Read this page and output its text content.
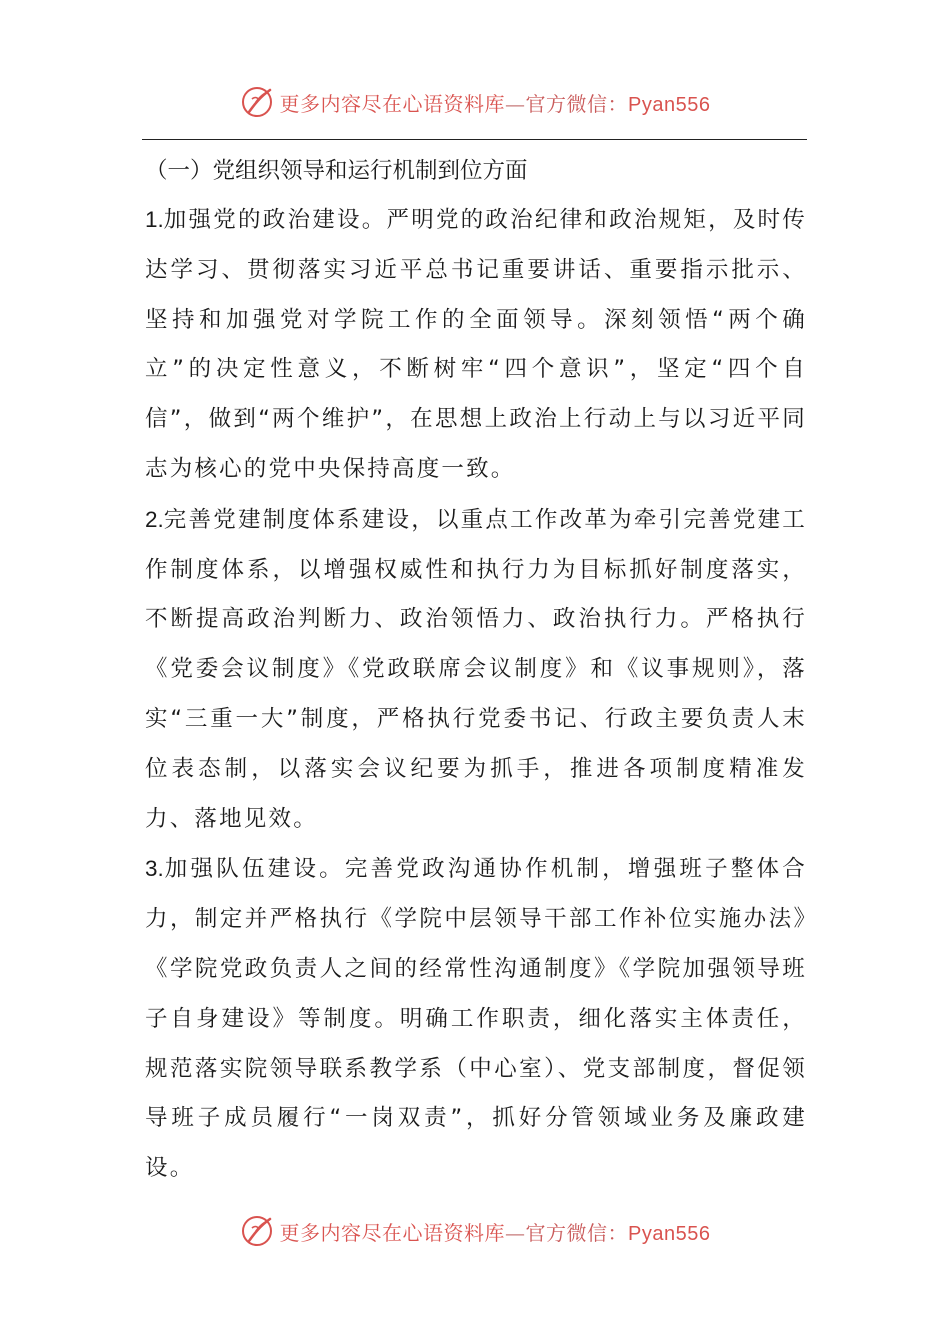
更多内容尽在心语资料库—官方微信：Pyan556
（一）党组织领导和运行机制到位方面

1.加强党的政治建设。严明党的政治纪律和政治规矩，及时传达学习、贯彻落实习近平总书记重要讲话、重要指示批示、坚持和加强党对学院工作的全面领导。深刻领悟“两个确立”的决定性意义，不断树牢“四个意识”，坚定“四个自信”，做到“两个维护”，在思想上政治上行动上与以习近平同志为核心的党中央保持高度一致。

2.完善党建制度体系建设，以重点工作改革为牵引完善党建工作制度体系，以增强权威性和执行力为目标抓好制度落实，不断提高政治判断力、政治领悟力、政治执行力。严格执行《党委会议制度》《党政联席会议制度》和《议事规则》，落实“三重一大”制度，严格执行党委书记、行政主要负责人末位表态制，以落实会议纪要为抓手，推进各项制度精准发力、落地见效。

3.加强队伍建设。完善党政沟通协作机制，增强班子整体合力，制定并严格执行《学院中层领导干部工作补位实施办法》《学院党政负责人之间的经常性沟通制度》《学院加强领导班子自身建设》等制度。明确工作职责，细化落实主体责任，规范落实院领导联系教学系（中心室）、党支部制度，督促领导班子成员履行“一岗双责”，抓好分管领域业务及廉政建设。

更多内容尽在心语资料库—官方微信：Pyan556
